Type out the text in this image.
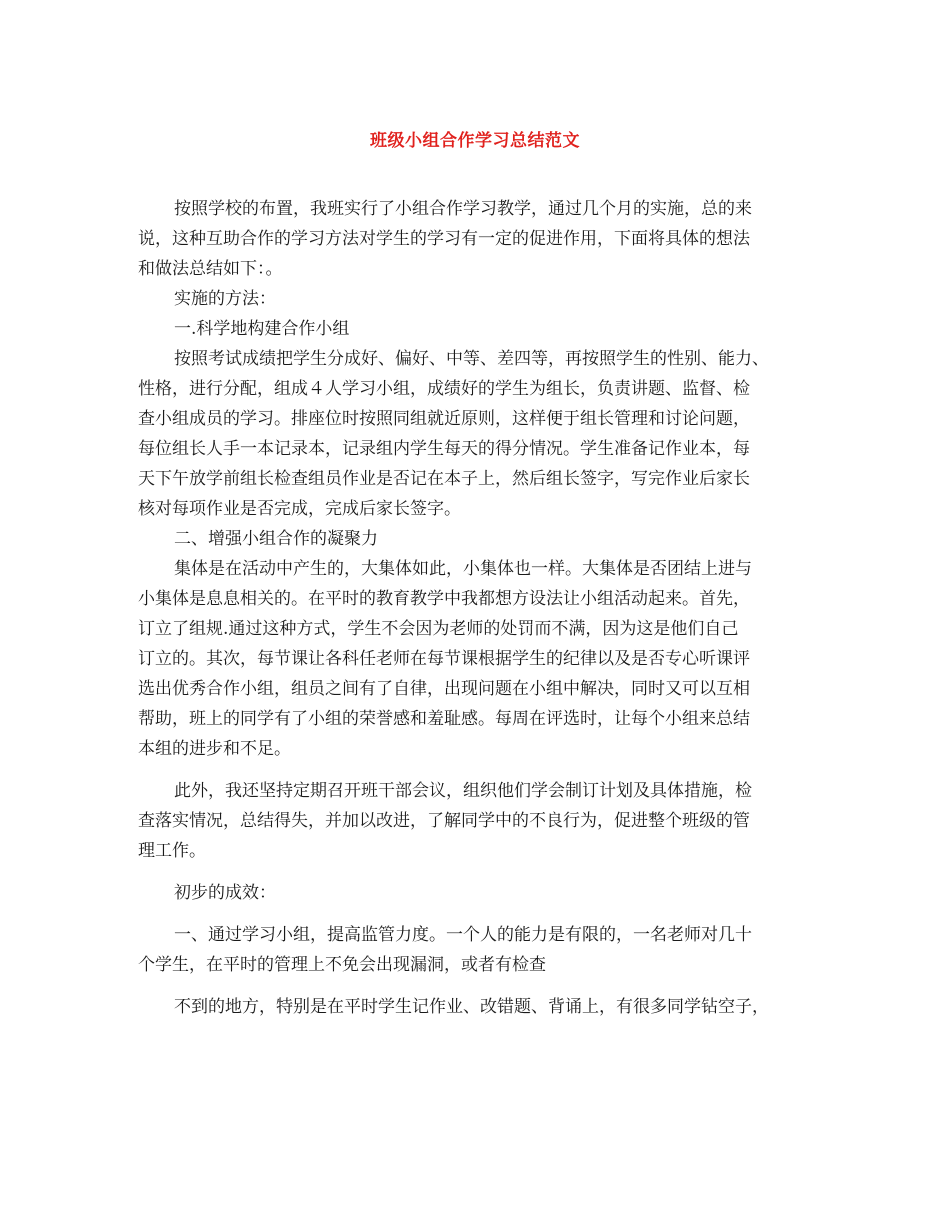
班级小组合作学习总结范文

按照学校的布置，我班实行了小组合作学习教学，通过几个月的实施，总的来

说，这种互助合作的学习方法对学生的学习有一定的促进作用，下面将具体的想法

和做法总结如下：。

实施的方法：

一.科学地构建合作小组

按照考试成绩把学生分成好、偏好、中等、差四等，再按照学生的性别、能力、

性格，进行分配，组成４人学习小组，成绩好的学生为组长，负责讲题、监督、检

查小组成员的学习。排座位时按照同组就近原则，这样便于组长管理和讨论问题，

每位组长人手一本记录本，记录组内学生每天的得分情况。学生准备记作业本，每

天下午放学前组长检查组员作业是否记在本子上，然后组长签字，写完作业后家长

核对每项作业是否完成，完成后家长签字。

二、增强小组合作的凝聚力

集体是在活动中产生的，大集体如此，小集体也一样。大集体是否团结上进与

小集体是息息相关的。在平时的教育教学中我都想方设法让小组活动起来。首先，

订立了组规.通过这种方式，学生不会因为老师的处罚而不满，因为这是他们自己

订立的。其次，每节课让各科任老师在每节课根据学生的纪律以及是否专心听课评

选出优秀合作小组，组员之间有了自律，出现问题在小组中解决，同时又可以互相

帮助，班上的同学有了小组的荣誉感和羞耻感。每周在评选时，让每个小组来总结

本组的进步和不足。

此外，我还坚持定期召开班干部会议，组织他们学会制订计划及具体措施，检

查落实情况，总结得失，并加以改进，了解同学中的不良行为，促进整个班级的管

理工作。

初步的成效：

一、通过学习小组，提高监管力度。一个人的能力是有限的，一名老师对几十

个学生，在平时的管理上不免会出现漏洞，或者有检查

不到的地方，特别是在平时学生记作业、改错题、背诵上，有很多同学钻空子，
